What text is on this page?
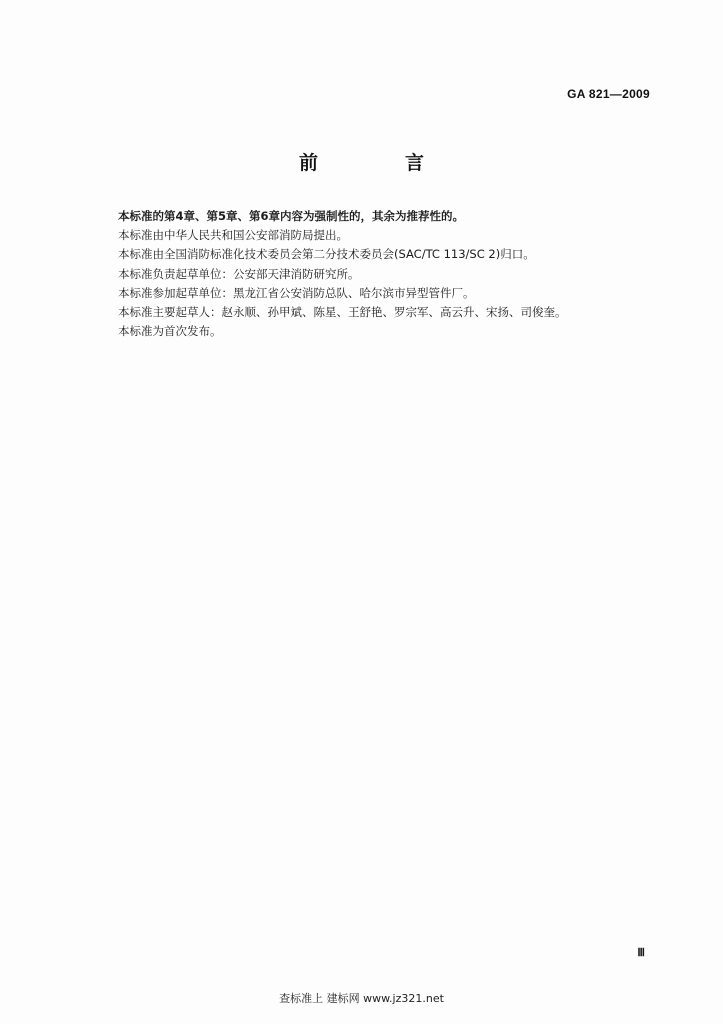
GA 821—2009
前　言
本标准的第4章、第5章、第6章内容为强制性的，其余为推荐性的。
本标准由中华人民共和国公安部消防局提出。
本标准由全国消防标准化技术委员会第二分技术委员会(SAC/TC 113/SC 2)归口。
本标准负责起草单位：公安部天津消防研究所。
本标准参加起草单位：黑龙江省公安消防总队、哈尔滨市异型管件厂。
本标准主要起草人：赵永顺、孙甲斌、陈星、王舒艳、罗宗军、高云升、宋扬、司俊奎。
本标准为首次发布。
Ⅲ
查标准上 建标网 www.jz321.net
